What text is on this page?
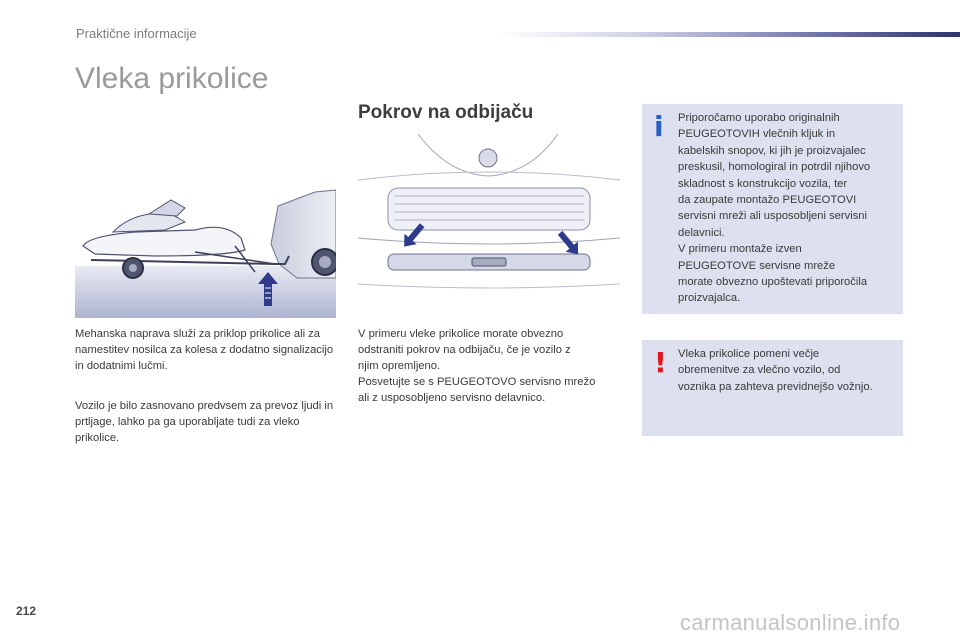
Praktične informacije
Vleka prikolice
Pokrov na odbijaču
Mehanska naprava služi za priklop prikolice ali za namestitev nosilca za kolesa z dodatno signalizacijo in dodatnimi lučmi.
Vozilo je bilo zasnovano predvsem za prevoz ljudi in prtljage, lahko pa ga uporabljate tudi za vleko prikolice.
V primeru vleke prikolice morate obvezno
odstraniti pokrov na odbijaču, če je vozilo z
njim opremljeno.
Posvetujte se s PEUGEOTOVO servisno mrežo
ali z usposobljeno servisno delavnico.
i Priporočamo uporabo originalnih
PEUGEOTOVIH vlečnih kljuk in
kabelskih snopov, ki jih je proizvajalec
preskusil, homologiral in potrdil njihovo
skladnost s konstrukcijo vozila, ter
da zaupate montažo PEUGEOTOVI
servisni mreži ali usposobljeni servisni
delavnici.
V primeru montaže izven
PEUGEOTOVE servisne mreže
morate obvezno upoštevati priporočila
proizvajalca.
! Vleka prikolice pomeni večje
obremenitve za vlečno vozilo, od
voznika pa zahteva previdnejšo vožnjo.
212	carmanualsonline.info
